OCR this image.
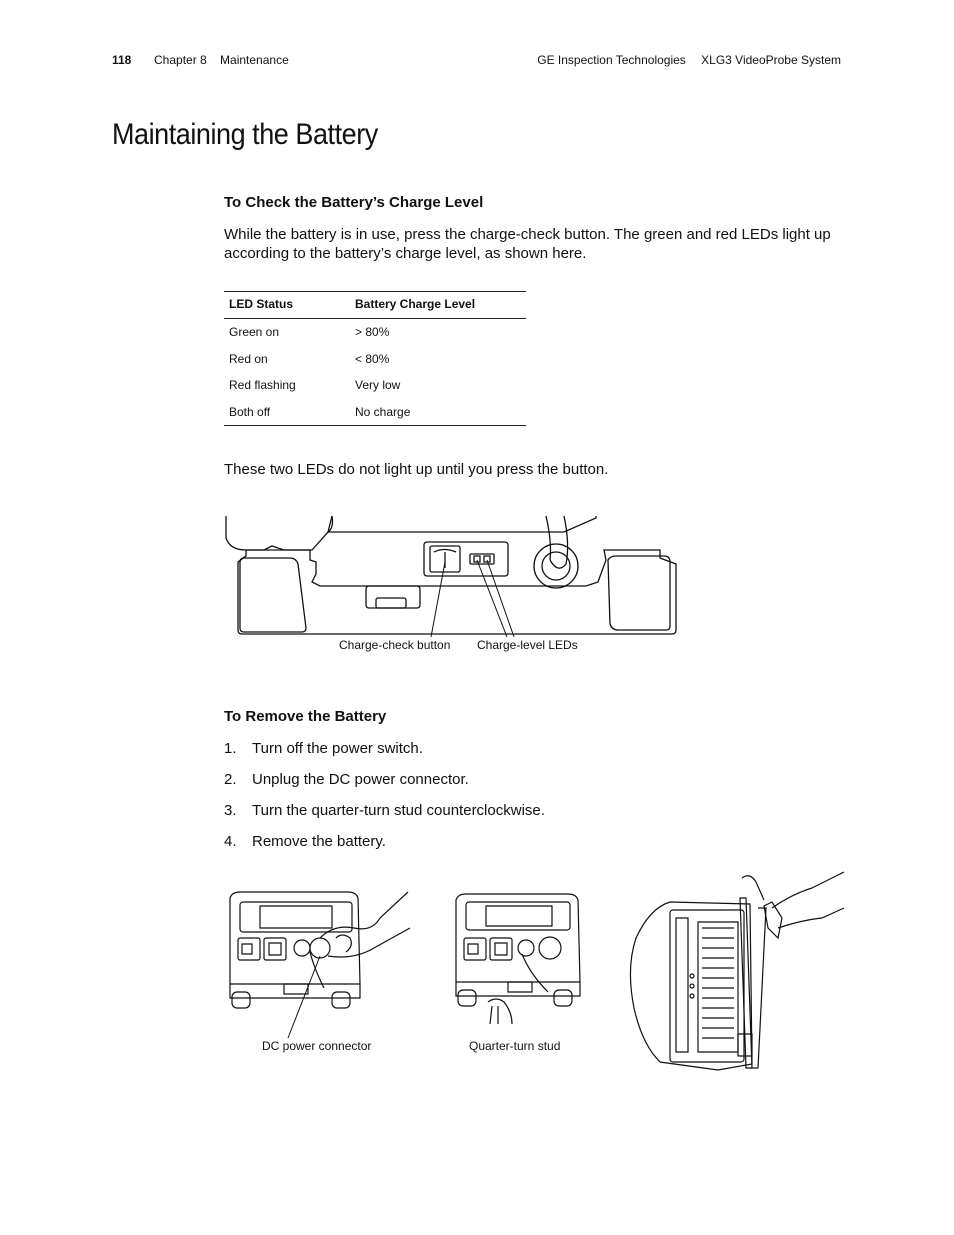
118 Chapter 8    Maintenance	GE Inspection Technologies XLG3 VideoProbe System
Maintaining the Battery
To Check the Battery’s Charge Level
While the battery is in use, press the charge-check button. The green and red LEDs light up according to the battery’s charge level, as shown here.
LED Status	Battery Charge Level
Green on	> 80%
Red on	< 80%
Red flashing	Very low
Both off	No charge
These two LEDs do not light up until you press the button.
Charge-check button Charge-level LEDs
To Remove the Battery
1. Turn off the power switch.
2. Unplug the DC power connector.
3. Turn the quarter-turn stud counterclockwise.
4. Remove the battery.
DC power connector	Quarter-turn stud
